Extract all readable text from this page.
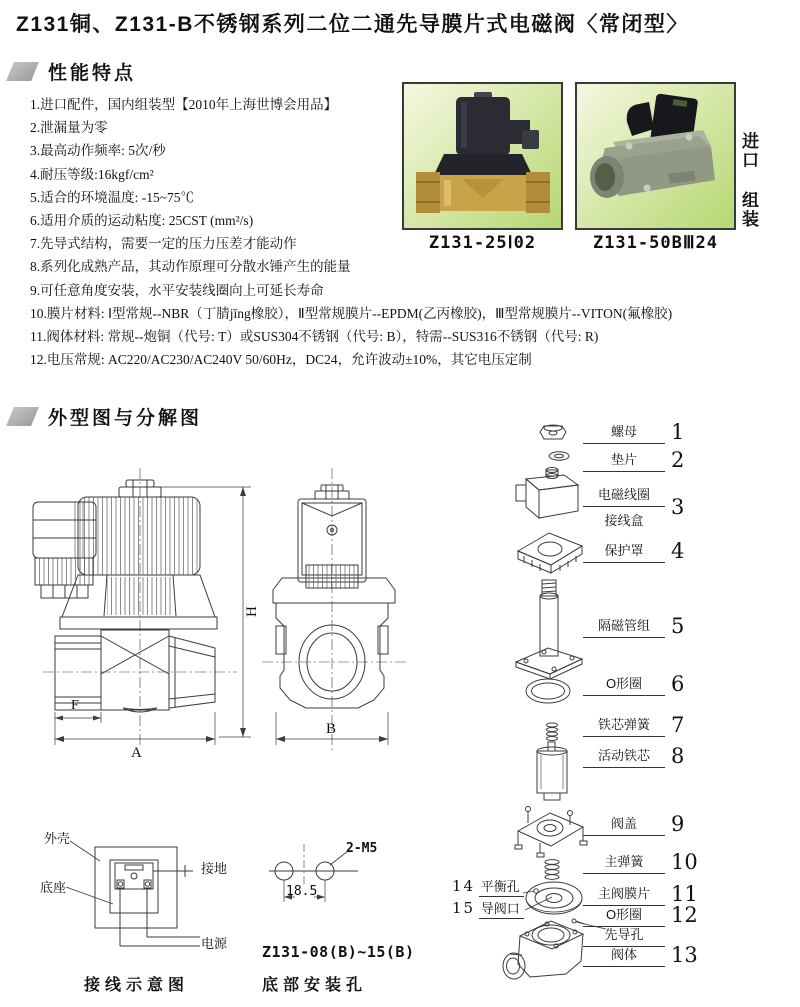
Z131铜、Z131-B不锈钢系列二位二通先导膜片式电磁阀〈常闭型〉
性能特点
1.进口配件，国内组装型【2010年上海世博会用品】
2.泄漏量为零
3.最高动作频率: 5次/秒
4.耐压等级:16kgf/cm²
5.适合的环境温度: -15~75℃
6.适用介质的运动粘度: 25CST (mm²/s)
7.先导式结构，需要一定的压力压差才能动作
8.系列化成熟产品，其动作原理可分散水锤产生的能量
9.可任意角度安装，水平安装线圈向上可延长寿命
10.膜片材料: Ⅰ型常规--NBR（丁腈jīng橡胶），Ⅱ型常规膜片--EPDM(乙丙橡胶)，Ⅲ型常规膜片--VITON(氟橡胶)
11.阀体材料: 常规--炮铜（代号: T）或SUS304不锈钢（代号: B），特需--SUS316不锈钢（代号: R)
12.电压常规: AC220/AC230/AC240V 50/60Hz，DC24，允许波动±10%，其它电压定制
Z131-25Ⅰ02	Z131-50BⅢ24
进
口
组
装
外型图与分解图
A
F
H
B
螺母 1
垫片 2
电磁线圈
接线盒
3
保护罩 4
隔磁管组 5
O形圈 6
铁芯弹簧 7
活动铁芯 8
阀盖 9
主弹簧 10
主阀膜片 11
O形圈 12
先导孔
阀体 13
14 平衡孔
15 导阀口
外壳
底座
接地
电源
接线示意图
2-M5
18.5
Z131-08(B)~15(B)
底部安装孔
